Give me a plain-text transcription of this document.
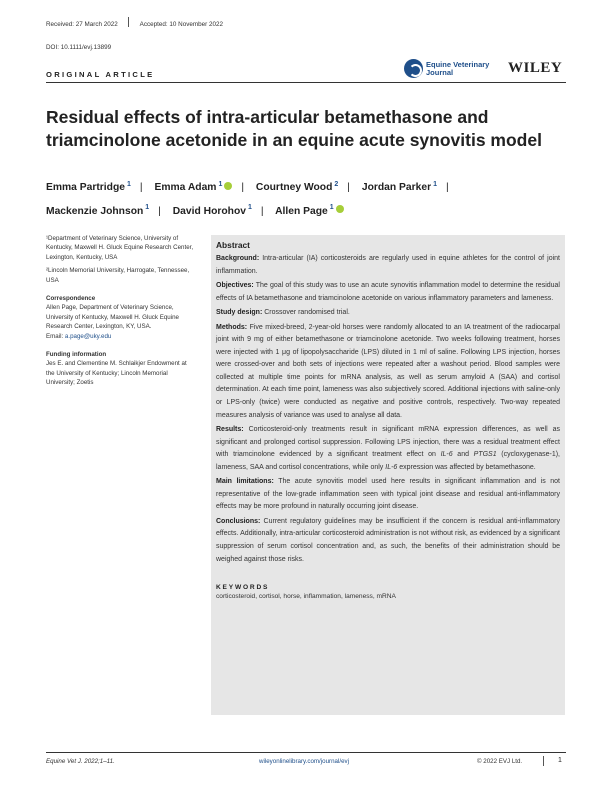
Received: 27 March 2022	Accepted: 10 November 2022
DOI: 10.1111/evj.13899
ORIGINAL ARTICLE
Equine Veterinary
Journal	WILEY
Residual effects of intra-articular betamethasone and triamcinolone acetonide in an equine acute synovitis model
Emma Partridge $^1$ | Emma Adam $^1$ | Courtney Wood $^2$ | Jordan Parker $^1$ |
Mackenzie Johnson $^1$ | David Horohov $^1$ | Allen Page $^1$

¹Department of Veterinary Science, University of Kentucky, Maxwell H. Gluck Equine Research Center, Lexington, Kentucky, USA

²Lincoln Memorial University, Harrogate, Tennessee, USA

Correspondence

Allen Page, Department of Veterinary Science, University of Kentucky, Maxwell H. Gluck Equine Research Center, Lexington, KY, USA.
Email: a.page@uky.edu

Funding information

Jes E. and Clementine M. Schlaikjer Endowment at the University of Kentucky; Lincoln Memorial University; Zoetis

Abstract

Background: Intra-articular (IA) corticosteroids are regularly used in equine athletes for the control of joint inflammation.

Objectives: The goal of this study was to use an acute synovitis inflammation model to determine the residual effects of IA betamethasone and triamcinolone acetonide on various inflammatory parameters and lameness.

Study design: Crossover randomised trial.

Methods: Five mixed-breed, 2-year-old horses were randomly allocated to an IA treatment of the radiocarpal joint with 9 mg of either betamethasone or triamcinolone acetonide. Two weeks following treatment, horses were injected with 1 μg of lipopolysaccharide (LPS) diluted in 1 ml of saline. Following LPS injection, horses were crossed-over and both sets of injections were repeated after a washout period. Blood samples were collected at multiple time points for mRNA analysis, as well as serum amyloid A (SAA) and cortisol determination. At each time point, lameness was also subjectively scored. Additional injections with saline-only or LPS-only (twice) were conducted as negative and positive controls, respectively. Two-way repeated measures analysis of variance was used to analyse all data.

Results: Corticosteroid-only treatments result in significant mRNA expression differences, as well as significant and prolonged cortisol suppression. Following LPS injection, there was a residual treatment effect with triamcinolone evidenced by a significant treatment effect on IL-6 and PTGS1 (cycloxygenase-1), lameness, SAA and cortisol concentrations, while only IL-6 expression was affected by betamethasone.

Main limitations: The acute synovitis model used here results in significant inflammation and is not representative of the low-grade inflammation seen with typical joint disease and residual anti-inflammatory effects may be more profound in naturally occurring joint disease.

Conclusions: Current regulatory guidelines may be insufficient if the concern is residual anti-inflammatory effects. Additionally, intra-articular corticosteroid administration is not without risk, as evidenced by a significant suppression of serum cortisol concentration and, as such, the benefits of their administration should be weighed against those risks.

KEYWORDS

corticosteroid, cortisol, horse, inflammation, lameness, mRNA

Equine Vet J. 2022;1–11.	wileyonlinelibrary.com/journal/evj	© 2022 EVJ Ltd.	1
